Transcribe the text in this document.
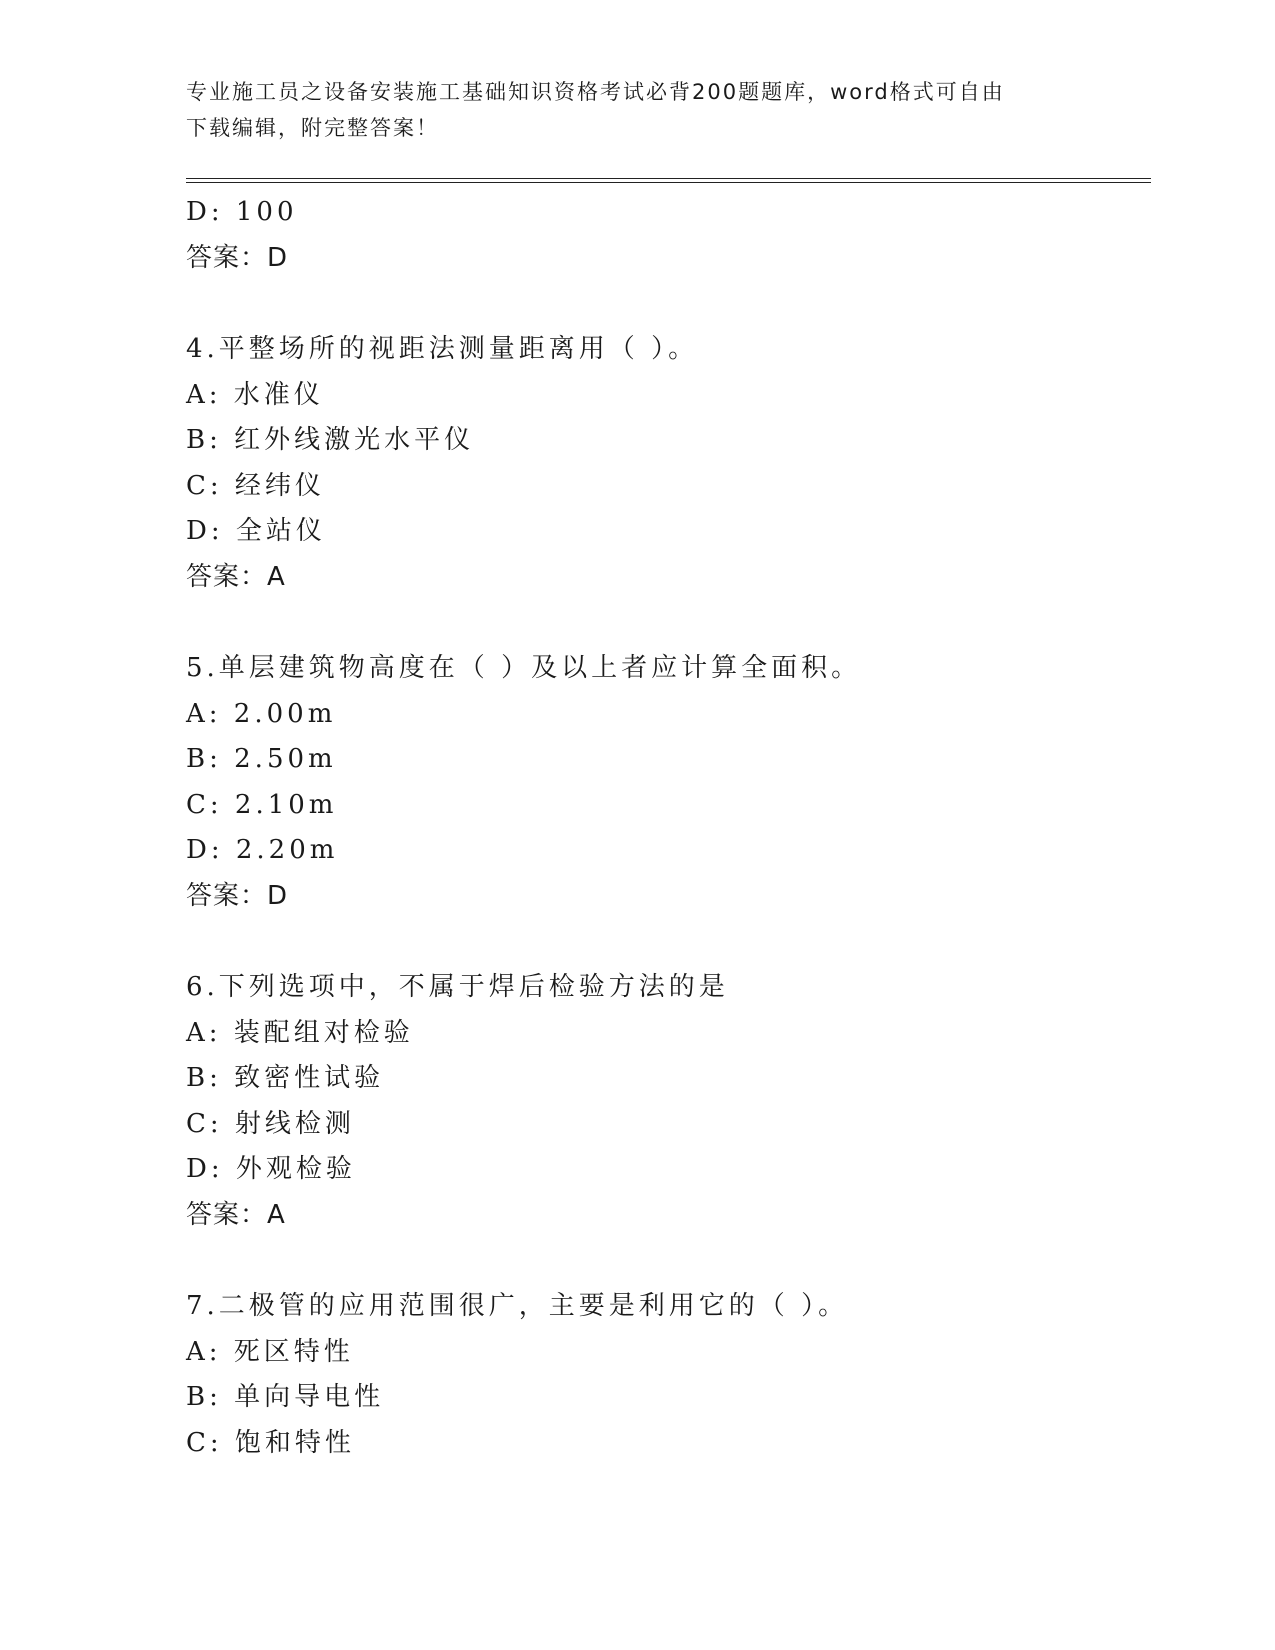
专业施工员之设备安装施工基础知识资格考试必背200题题库，word格式可自由
下载编辑，附完整答案！
D: 100
答案：D
4.平整场所的视距法测量距离用（ ）。
A: 水准仪
B: 红外线激光水平仪
C: 经纬仪
D: 全站仪
答案：A
5.单层建筑物高度在（ ）及以上者应计算全面积。
A: 2.00m
B: 2.50m
C: 2.10m
D: 2.20m
答案：D
6.下列选项中，不属于焊后检验方法的是
A: 装配组对检验
B: 致密性试验
C: 射线检测
D: 外观检验
答案：A
7.二极管的应用范围很广，主要是利用它的（ ）。
A: 死区特性
B: 单向导电性
C: 饱和特性
